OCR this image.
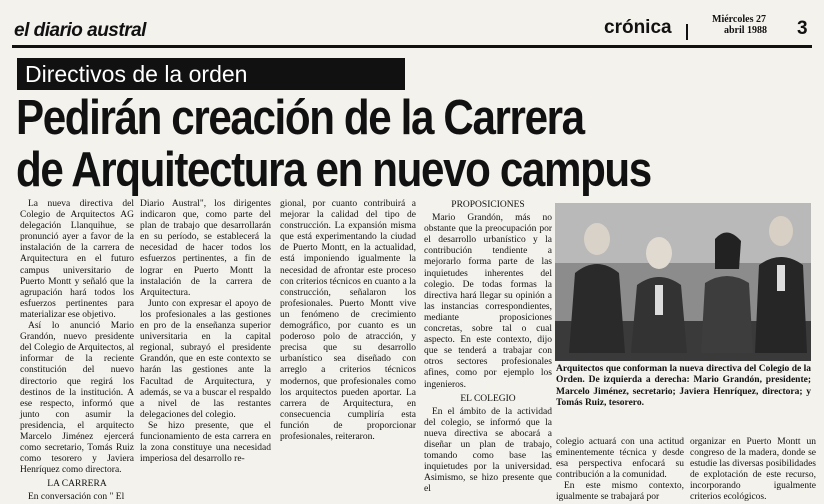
el diario austral	crónica	Miércoles 27
abril 1988 3
Directivos de la orden
Pedirán creación de la Carrera
de Arquitectura en nuevo campus

La nueva directiva del Colegio de Arquitectos AG delegación Llanquihue, se pronunció ayer a favor de la instalación de la carrera de Arquitectura en el futuro campus universitario de Puerto Montt y señaló que la agrupación hará todos los esfuerzos pertinentes para materializar ese objetivo.

Así lo anunció Mario Grandón, nuevo presidente del Colegio de Arquitectos, al informar de la reciente constitución del nuevo directorio que regirá los destinos de la institución. A ese respecto, informó que junto con asumir la presidencia, el arquitecto Marcelo Jiménez ejercerá como secretario, Tomás Ruiz como tesorero y Javiera Henríquez como directora.

LA CARRERA

En conversación con " El

Diario Austral", los dirigentes indicaron que, como parte del plan de trabajo que desarrollarán en su período, se establecerá la necesidad de hacer todos los esfuerzos pertinentes, a fin de lograr en Puerto Montt la instalación de la carrera de Arquitectura.

Junto con expresar el apoyo de los profesionales a las gestiones en pro de la enseñanza superior universitaria en la capital regional, subrayó el presidente Grandón, que en este contexto se harán las gestiones ante la Facultad de Arquitectura, y además, se va a buscar el respaldo a nivel de las restantes delegaciones del colegio.

Se hizo presente, que el funcionamiento de esta carrera en la zona constituye una necesidad imperiosa del desarrollo re-

gional, por cuanto contribuirá a mejorar la calidad del tipo de construcción. La expansión misma que está experimentando la ciudad de Puerto Montt, en la actualidad, está imponiendo igualmente la necesidad de afrontar este proceso con criterios técnicos en cuanto a la construcción, señalaron los profesionales. Puerto Montt vive un fenómeno de crecimiento demográfico, por cuanto es un poderoso polo de atracción, y precisa que su desarrollo urbanístico sea diseñado con arreglo a criterios técnicos modernos, que profesionales como los arquitectos pueden aportar. La carrera de Arquitectura, en consecuencia cumpliría esta función de proporcionar profesionales, reiteraron.

PROPOSICIONES

Mario Grandón, más no obstante que la preocupación por el desarrollo urbanístico y la contribución tendiente a mejorarlo forma parte de las inquietudes inherentes del colegio. De todas formas la directiva hará llegar su opinión a las instancias correspondientes, mediante proposiciones concretas, sobre tal o cual aspecto. En este contexto, dijo que se tenderá a trabajar con otros sectores profesionales afines, como por ejemplo los ingenieros.

EL COLEGIO

En el ámbito de la actividad del colegio, se informó que la nueva directiva se abocará a diseñar un plan de trabajo, tomando como base las inquietudes por la universidad. Asimismo, se hizo presente que el

Arquitectos que conforman la nueva directiva del Colegio de la Orden. De izquierda a derecha: Mario Grandón, presidente; Marcelo Jiménez, secretario; Javiera Henríquez, directora; y Tomás Ruiz, tesorero.

colegio actuará con una actitud eminentemente técnica y desde esa perspectiva enfocará su contribución a la comunidad.

En este mismo contexto, igualmente se trabajará por

organizar en Puerto Montt un congreso de la madera, donde se estudie las diversas posibilidades de explotación de este recurso, incorporando igualmente criterios ecológicos.
